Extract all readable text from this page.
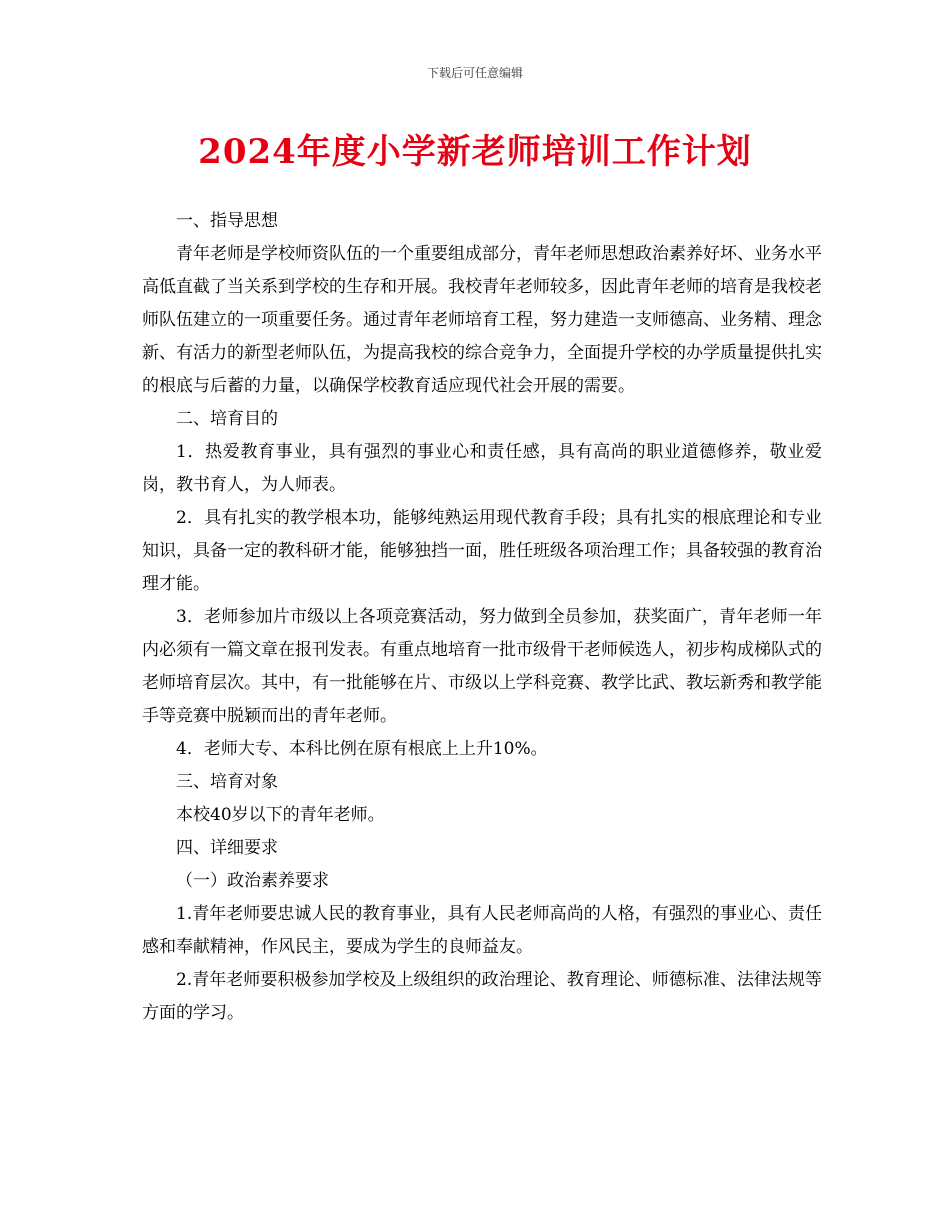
下载后可任意编辑
2024年度小学新老师培训工作计划

一、指导思想

青年老师是学校师资队伍的一个重要组成部分，青年老师思想政治素养好坏、业务水平高低直截了当关系到学校的生存和开展。我校青年老师较多，因此青年老师的培育是我校老师队伍建立的一项重要任务。通过青年老师培育工程，努力建造一支师德高、业务精、理念新、有活力的新型老师队伍，为提高我校的综合竞争力，全面提升学校的办学质量提供扎实的根底与后蓄的力量，以确保学校教育适应现代社会开展的需要。

二、培育目的

1．热爱教育事业，具有强烈的事业心和责任感，具有高尚的职业道德修养，敬业爱岗，教书育人，为人师表。

2．具有扎实的教学根本功，能够纯熟运用现代教育手段；具有扎实的根底理论和专业知识，具备一定的教科研才能，能够独挡一面，胜任班级各项治理工作；具备较强的教育治理才能。

3．老师参加片市级以上各项竞赛活动，努力做到全员参加，获奖面广，青年老师一年内必须有一篇文章在报刊发表。有重点地培育一批市级骨干老师候选人，初步构成梯队式的老师培育层次。其中，有一批能够在片、市级以上学科竞赛、教学比武、教坛新秀和教学能手等竞赛中脱颖而出的青年老师。

4．老师大专、本科比例在原有根底上上升10%。

三、培育对象

本校40岁以下的青年老师。

四、详细要求

（一）政治素养要求

1.青年老师要忠诚人民的教育事业，具有人民老师高尚的人格，有强烈的事业心、责任感和奉献精神，作风民主，要成为学生的良师益友。

2.青年老师要积极参加学校及上级组织的政治理论、教育理论、师德标准、法律法规等方面的学习。
